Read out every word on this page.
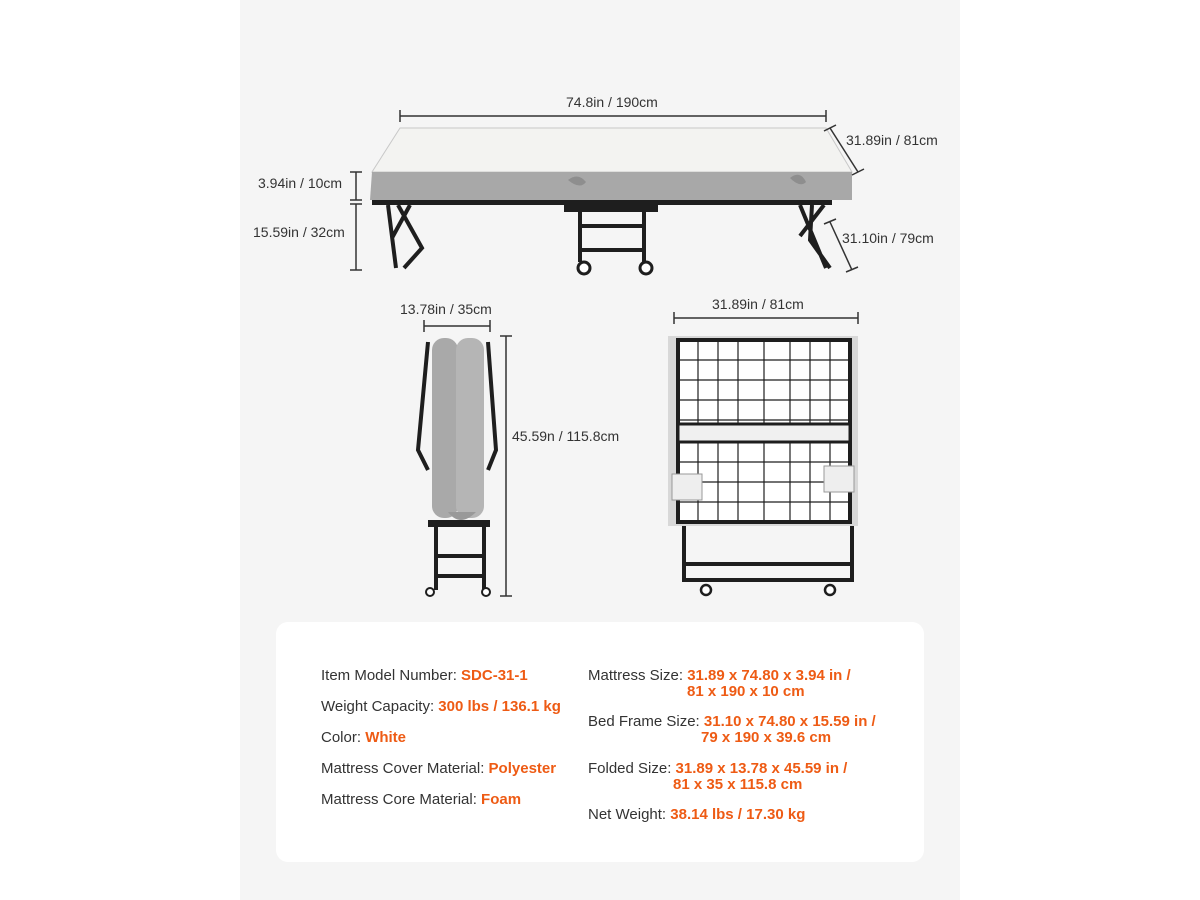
74.8in / 190cm
31.89in / 81cm
3.94in / 10cm
15.59in / 32cm	31.10in / 79cm
13.78in / 35cm	31.89in / 81cm
45.59n / 115.8cm
Item Model Number: SDC-31-1
Weight Capacity: 300 lbs / 136.1 kg
Color: White
Mattress Cover Material: Polyester
Mattress Core Material: Foam
Mattress Size: 31.89 x 74.80 x 3.94 in /
81 x 190 x 10 cm
Bed Frame Size: 31.10 x 74.80 x 15.59 in /
79 x 190 x 39.6 cm
Folded Size: 31.89 x 13.78 x 45.59 in /
81 x 35 x 115.8 cm
Net Weight: 38.14 lbs / 17.30 kg
